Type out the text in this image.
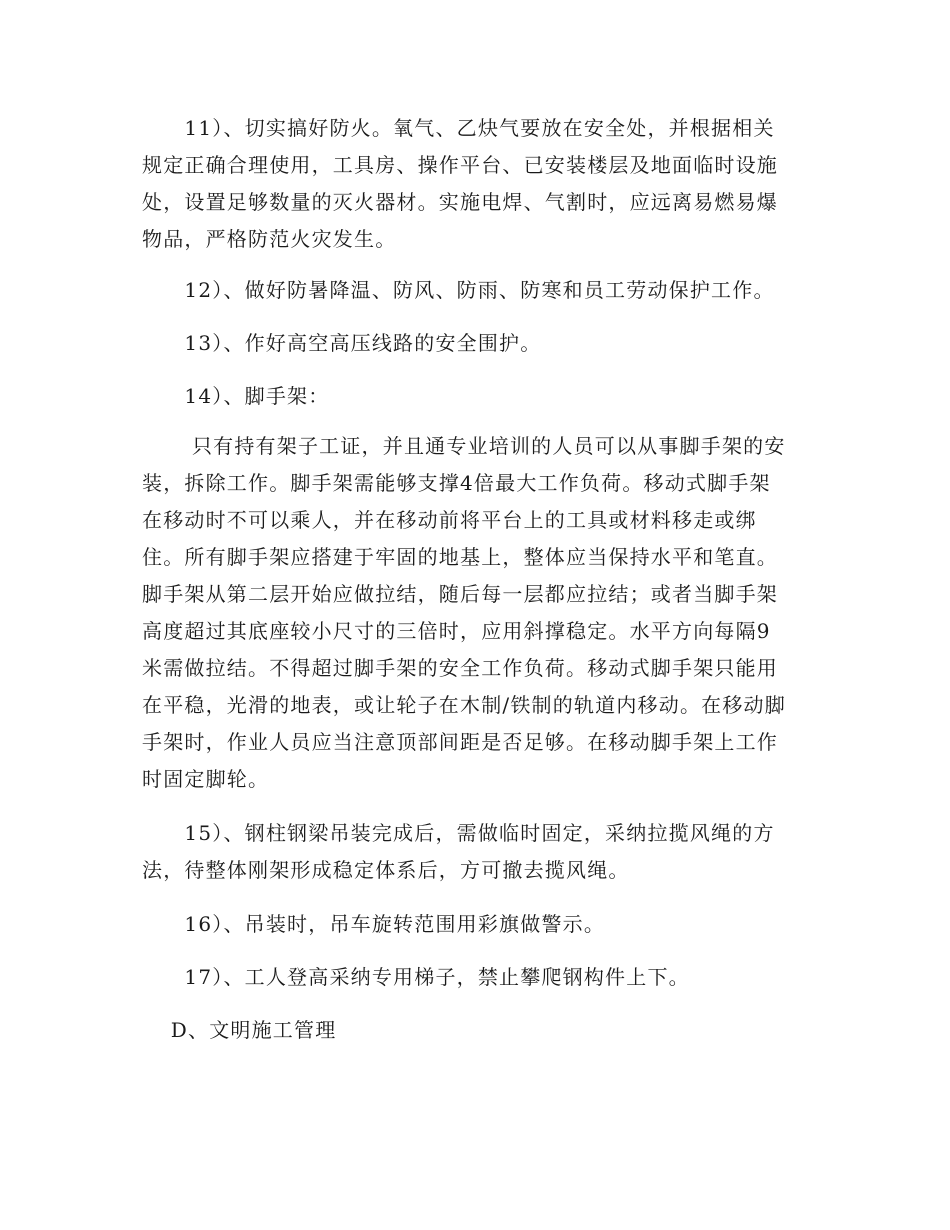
　　11）、切实搞好防火。氧气、乙炔气要放在安全处，并根据相关
规定正确合理使用，工具房、操作平台、已安装楼层及地面临时设施
处，设置足够数量的灭火器材。实施电焊、气割时，应远离易燃易爆
物品，严格防范火灾发生。
　　12）、做好防暑降温、防风、防雨、防寒和员工劳动保护工作。
　　13）、作好高空高压线路的安全围护。
　　14）、脚手架：
　　 只有持有架子工证，并且通专业培训的人员可以从事脚手架的安
装，拆除工作。脚手架需能够支撑4倍最大工作负荷。移动式脚手架
在移动时不可以乘人，并在移动前将平台上的工具或材料移走或绑
住。所有脚手架应搭建于牢固的地基上，整体应当保持水平和笔直。
脚手架从第二层开始应做拉结，随后每一层都应拉结；或者当脚手架
高度超过其底座较小尺寸的三倍时，应用斜撑稳定。水平方向每隔9
米需做拉结。不得超过脚手架的安全工作负荷。移动式脚手架只能用
在平稳，光滑的地表，或让轮子在木制/铁制的轨道内移动。在移动脚
手架时，作业人员应当注意顶部间距是否足够。在移动脚手架上工作
时固定脚轮。
　　15）、钢柱钢梁吊装完成后，需做临时固定，采纳拉揽风绳的方
法，待整体刚架形成稳定体系后，方可撤去揽风绳。
　　16）、吊装时，吊车旋转范围用彩旗做警示。
　　17）、工人登高采纳专用梯子，禁止攀爬钢构件上下。
　 D、文明施工管理
